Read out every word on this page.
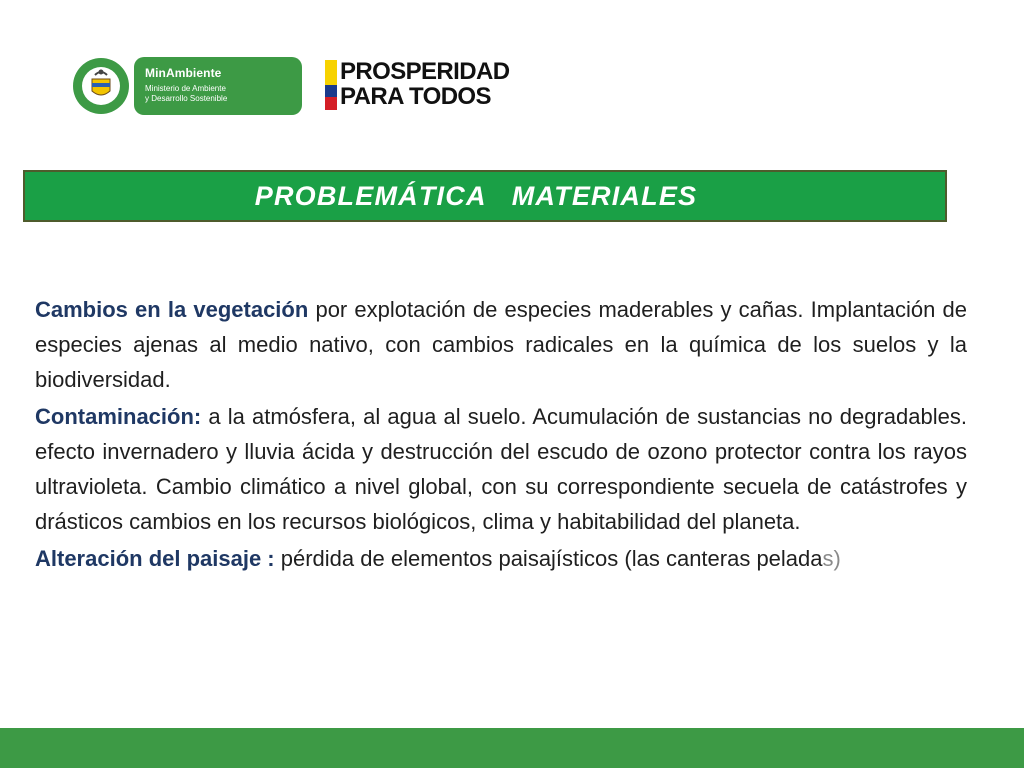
MinAmbiente
Ministerio de Ambiente
y Desarrollo Sostenible
PROSPERIDAD
PARA TODOS
PROBLEMÁTICA   MATERIALES

Cambios en la vegetación por explotación de especies maderables y cañas. Implantación de especies ajenas al medio nativo, con cambios radicales en la química de los suelos y la biodiversidad.

Contaminación: a la atmósfera, al agua al suelo. Acumulación de sustancias no degradables. efecto invernadero y lluvia ácida y destrucción del escudo de ozono protector contra los rayos ultravioleta. Cambio climático a nivel global, con su correspondiente secuela de catástrofes y drásticos cambios en los recursos biológicos, clima y habitabilidad del planeta.

Alteración del paisaje : pérdida de elementos paisajísticos (las canteras peladas)
